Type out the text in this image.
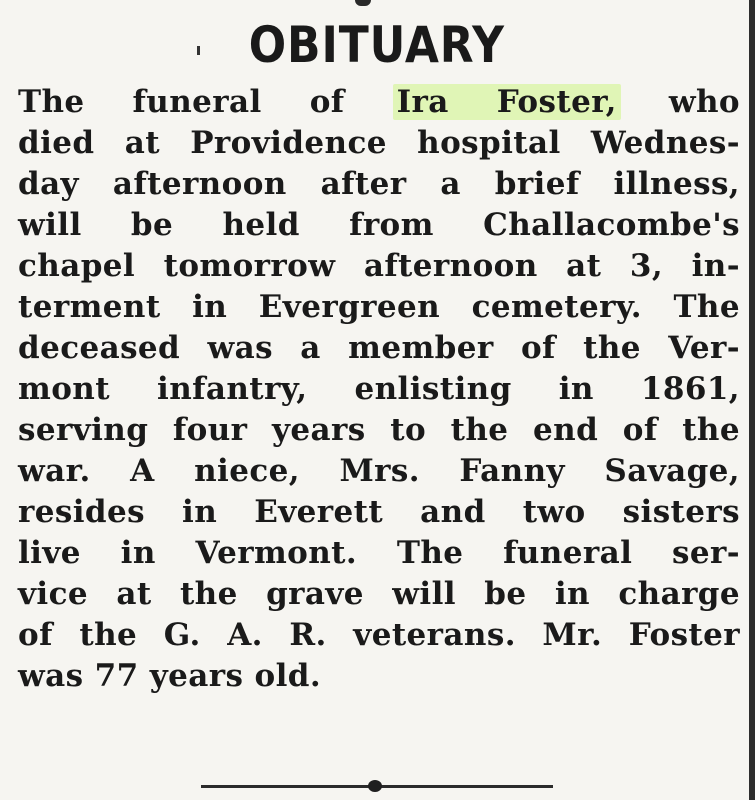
OBITUARY
The funeral of Ira Foster, who
died at Providence hospital Wednes-
day afternoon after a brief illness,
will be held from Challacombe's
chapel tomorrow afternoon at 3, in-
terment in Evergreen cemetery. The
deceased was a member of the Ver-
mont infantry, enlisting in 1861,
serving four years to the end of the
war. A niece, Mrs. Fanny Savage,
resides in Everett and two sisters
live in Vermont. The funeral ser-
vice at the grave will be in charge
of the G. A. R. veterans. Mr. Foster
was 77 years old.
